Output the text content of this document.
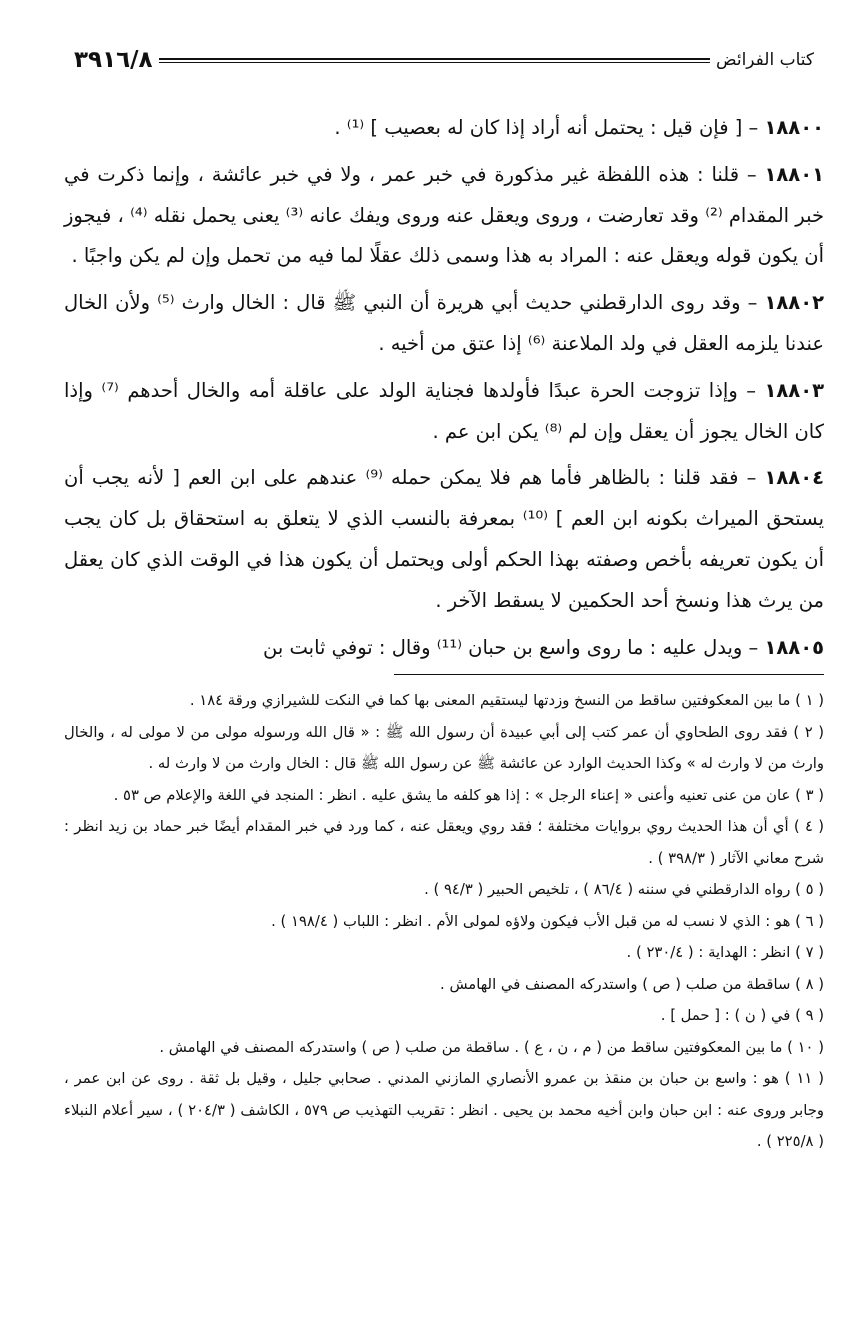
كتاب الفرائض
٣٩١٦/٨

١٨٨٠٠ – [ فإن قيل : يحتمل أنه أراد إذا كان له بعصيب ] ⁽¹⁾ .

١٨٨٠١ – قلنا : هذه اللفظة غير مذكورة في خبر عمر ، ولا في خبر عائشة ، وإنما ذكرت في خبر المقدام ⁽²⁾ وقد تعارضت ، وروى ويعقل عنه وروى ويفك عانه ⁽³⁾ يعنى يحمل نقله ⁽⁴⁾ ، فيجوز أن يكون قوله ويعقل عنه : المراد به هذا وسمى ذلك عقلًا لما فيه من تحمل وإن لم يكن واجبًا .

١٨٨٠٢ – وقد روى الدارقطني حديث أبي هريرة أن النبي ﷺ قال : الخال وارث ⁽⁵⁾ ولأن الخال عندنا يلزمه العقل في ولد الملاعنة ⁽⁶⁾ إذا عتق من أخيه .

١٨٨٠٣ – وإذا تزوجت الحرة عبدًا فأولدها فجناية الولد على عاقلة أمه والخال أحدهم ⁽⁷⁾ وإذا كان الخال يجوز أن يعقل وإن لم ⁽⁸⁾ يكن ابن عم .

١٨٨٠٤ – فقد قلنا : بالظاهر فأما هم فلا يمكن حمله ⁽⁹⁾ عندهم على ابن العم [ لأنه يجب أن يستحق الميراث بكونه ابن العم ] ⁽¹⁰⁾ بمعرفة بالنسب الذي لا يتعلق به استحقاق بل كان يجب أن يكون تعريفه بأخص وصفته بهذا الحكم أولى ويحتمل أن يكون هذا في الوقت الذي كان يعقل من يرث هذا ونسخ أحد الحكمين لا يسقط الآخر .

١٨٨٠٥ – ويدل عليه : ما روى واسع بن حبان ⁽¹¹⁾ وقال : توفي ثابت بن

( ١ ) ما بين المعكوفتين ساقط من النسخ وزدتها ليستقيم المعنى بها كما في النكت للشيرازي ورقة ١٨٤ .

( ٢ ) فقد روى الطحاوي أن عمر كتب إلى أبي عبيدة أن رسول الله ﷺ : « قال الله ورسوله مولى من لا مولى له ، والخال وارث من لا وارث له » وكذا الحديث الوارد عن عائشة ﷺ عن رسول الله ﷺ قال : الخال وارث من لا وارث له .

( ٣ ) عان من عنى تعنيه وأعنى « إعناء الرجل » : إذا هو كلفه ما يشق عليه . انظر : المنجد في اللغة والإعلام ص ٥٣ .

( ٤ ) أي أن هذا الحديث روي بروايات مختلفة ؛ فقد روي ويعقل عنه ، كما ورد في خبر المقدام أيضًا خبر حماد بن زيد انظر : شرح معاني الآثار ( ٣٩٨/٣ ) .

( ٥ ) رواه الدارقطني في سننه ( ٨٦/٤ ) ، تلخيص الحبير ( ٩٤/٣ ) .

( ٦ ) هو : الذي لا نسب له من قبل الأب فيكون ولاؤه لمولى الأم . انظر : اللباب ( ١٩٨/٤ ) .

( ٧ ) انظر : الهداية : ( ٢٣٠/٤ ) .

( ٨ ) ساقطة من صلب ( ص ) واستدركه المصنف في الهامش .

( ٩ ) في ( ن ) : [ حمل ] .

( ١٠ ) ما بين المعكوفتين ساقط من ( م ، ن ، ع ) . ساقطة من صلب ( ص ) واستدركه المصنف في الهامش .

( ١١ ) هو : واسع بن حبان بن منقذ بن عمرو الأنصاري المازني المدني . صحابي جليل ، وقيل بل ثقة . روى عن ابن عمر ، وجابر وروى عنه : ابن حبان وابن أخيه محمد بن يحيى . انظر : تقريب التهذيب ص ٥٧٩ ، الكاشف ( ٢٠٤/٣ ) ، سير أعلام النبلاء ( ٢٢٥/٨ ) .
